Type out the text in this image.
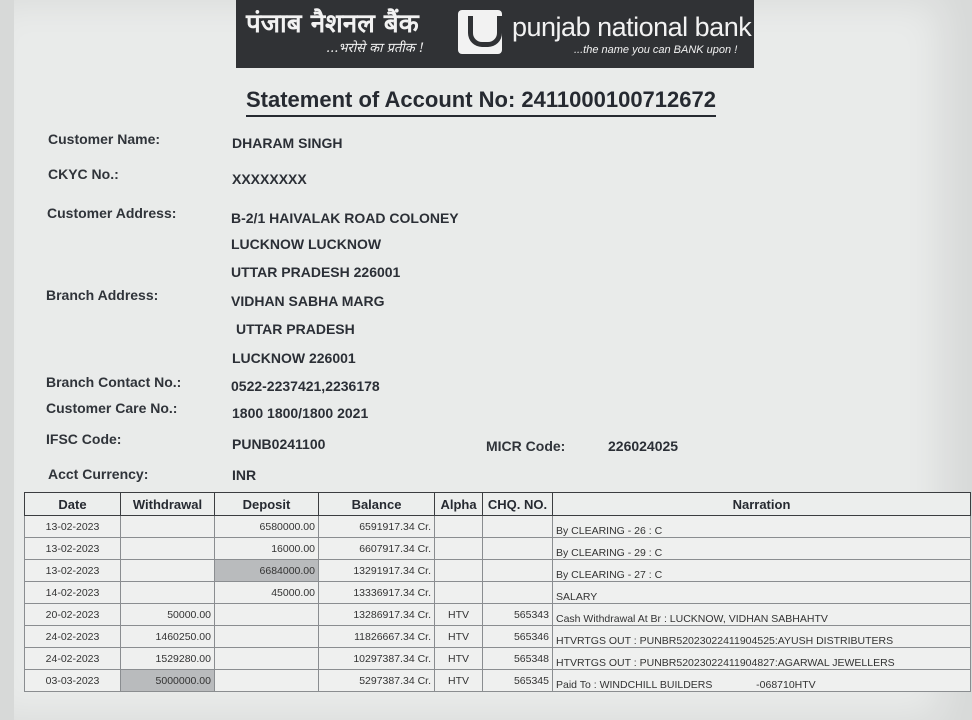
पंजाब नैशनल बैंक
...भरोसे का प्रतीक !
punjab national bank
...the name you can BANK upon !
Statement of Account No: 2411000100712672
Customer Name:	DHARAM SINGH
CKYC No.:	XXXXXXXX
Customer Address:	B-2/1 HAIVALAK ROAD COLONEY
LUCKNOW LUCKNOW
UTTAR PRADESH 226001
Branch Address:	VIDHAN SABHA MARG
UTTAR PRADESH
LUCKNOW 226001
Branch Contact No.:	0522-2237421,2236178
Customer Care No.:	1800 1800/1800 2021
IFSC Code:	PUNB0241100	MICR Code:	226024025
Acct Currency:	INR
Date	Withdrawal	Deposit	Balance	Alpha	CHQ. NO.	Narration
13-02-2023		6580000.00	6591917.34 Cr.			By CLEARING - 26 : C
13-02-2023		16000.00	6607917.34 Cr.			By CLEARING - 29 : C
13-02-2023		6684000.00	13291917.34 Cr.			By CLEARING - 27 : C
14-02-2023		45000.00	13336917.34 Cr.			SALARY
20-02-2023	50000.00		13286917.34 Cr.	HTV	565343	Cash Withdrawal At Br : LUCKNOW, VIDHAN SABHAHTV
24-02-2023	1460250.00		11826667.34 Cr.	HTV	565346	HTVRTGS OUT : PUNBR52023022411904525:AYUSH DISTRIBUTERS
24-02-2023	1529280.00		10297387.34 Cr.	HTV	565348	HTVRTGS OUT : PUNBR52023022411904827:AGARWAL JEWELLERS
03-03-2023	5000000.00		5297387.34 Cr.	HTV	565345	Paid To : WINDCHILL BUILDERS               -068710HTV
